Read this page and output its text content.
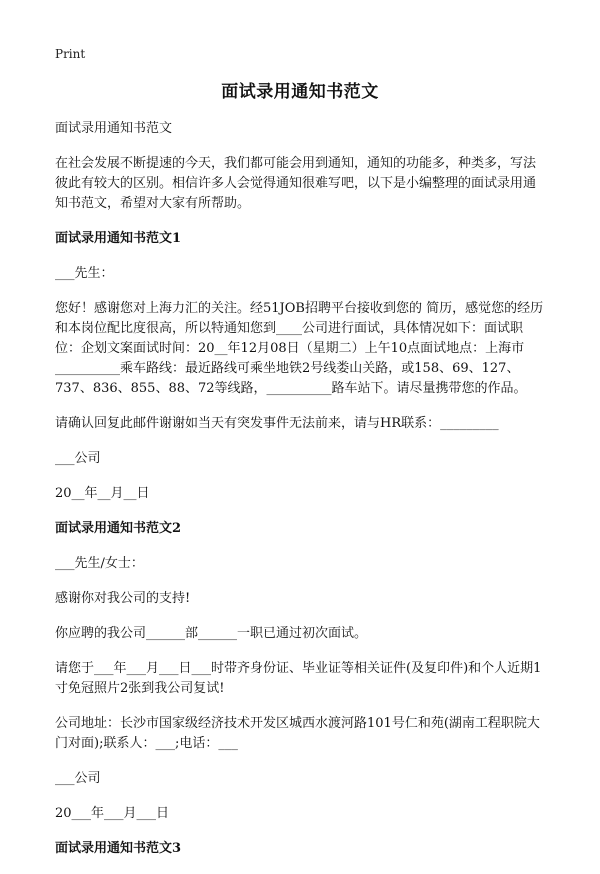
Print
面试录用通知书范文

面试录用通知书范文

在社会发展不断提速的今天，我们都可能会用到通知，通知的功能多，种类多，写法彼此有较大的区别。相信许多人会觉得通知很难写吧，以下是小编整理的面试录用通知书范文，希望对大家有所帮助。

面试录用通知书范文1

___先生：

您好！感谢您对上海力汇的关注。经51JOB招聘平台接收到您的 简历，感觉您的经历和本岗位配比度很高，所以特通知您到____公司进行面试，具体情况如下：面试职位：企划文案面试时间：20__年12月08日（星期二）上午10点面试地点：上海市__________乘车路线：最近路线可乘坐地铁2号线娄山关路，或158、69、127、737、836、855、88、72等线路，__________路车站下。请尽量携带您的作品。

请确认回复此邮件谢谢如当天有突发事件无法前来，请与HR联系：_________

___公司

20__年__月__日

面试录用通知书范文2

___先生/女士：

感谢你对我公司的支持!

你应聘的我公司______部______一职已通过初次面试。

请您于___年___月___日___时带齐身份证、毕业证等相关证件(及复印件)和个人近期1寸免冠照片2张到我公司复试!

公司地址：长沙市国家级经济技术开发区城西水渡河路101号仁和苑(湖南工程职院大门对面);联系人：___;电话：___

___公司

20___年___月___日

面试录用通知书范文3
